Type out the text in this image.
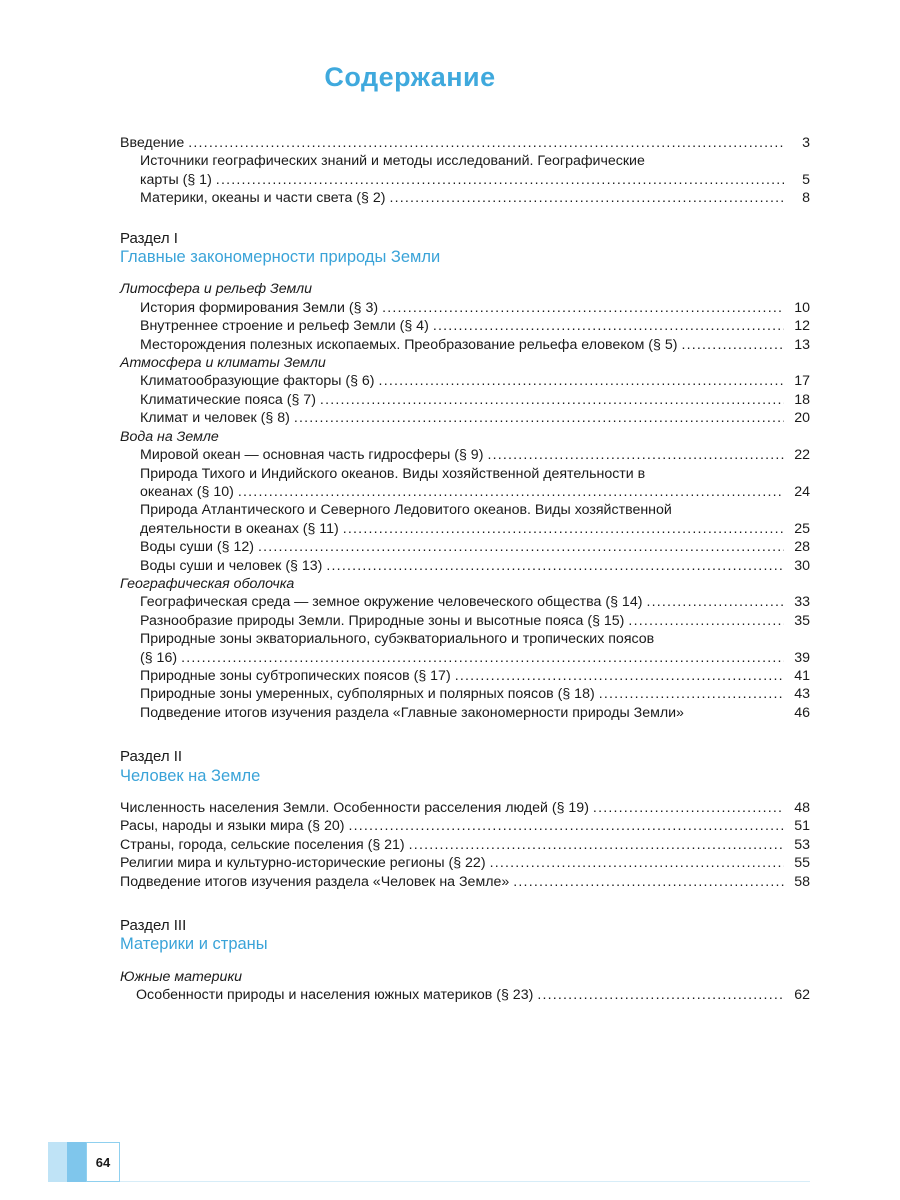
Содержание
Введение .....	3
Источники географических знаний и методы исследований. Географические
карты (§ 1) .....	5
Материки, океаны и части света (§ 2) .....	8
Раздел I
Главные закономерности природы Земли
Литосфера и рельеф Земли
История формирования Земли (§ 3) .....	10
Внутреннее строение и рельеф Земли (§ 4) .....	12
Месторождения полезных ископаемых. Преобразование рельефа еловеком (§ 5) .....	13
Атмосфера и климаты Земли
Климатообразующие факторы (§ 6) .....	17
Климатические пояса (§ 7) .....	18
Климат и человек (§ 8) .....	20
Вода на Земле
Мировой океан — основная часть гидросферы (§ 9) .....	22
Природа Тихого и Индийского океанов. Виды хозяйственной деятельности в
океанах (§ 10) .....	24
Природа Атлантического и Северного Ледовитого океанов. Виды хозяйственной
деятельности в океанах (§ 11) .....	25
Воды суши (§ 12) .....	28
Воды суши и человек (§ 13) .....	30
Географическая оболочка
Географическая среда — земное окружение человеческого общества (§ 14) .....	33
Разнообразие природы Земли. Природные зоны и высотные пояса (§ 15) .....	35
Природные зоны экваториального, субэкваториального и тропических поясов
(§ 16) .....	39
Природные зоны субтропических поясов (§ 17) .....	41
Природные зоны умеренных, субполярных и полярных поясов (§ 18) .....	43
Подведение итогов изучения раздела «Главные закономерности природы Земли»	46
Раздел II
Человек на Земле
Численность населения Земли. Особенности расселения людей (§ 19) .....	48
Расы, народы и языки мира (§ 20) .....	51
Страны, города, сельские поселения (§ 21) .....	53
Религии мира и культурно-исторические регионы (§ 22) .....	55
Подведение итогов изучения раздела «Человек на Земле» .....	58
Раздел III
Материки и страны
Южные материки
Особенности природы и населения южных материков (§ 23) .....	62
64
